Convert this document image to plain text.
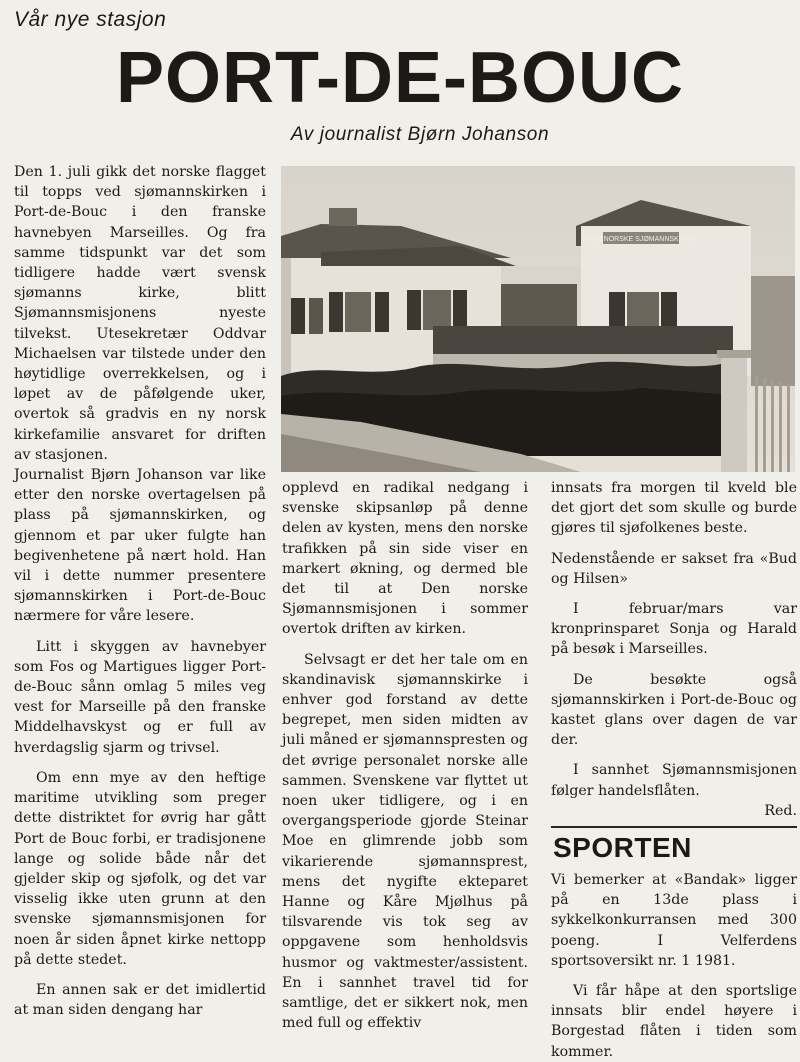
Vår nye stasjon
PORT-DE-BOUC
Av journalist Bjørn Johanson

Den 1. juli gikk det norske flagget til topps ved sjømannskirken i Port-de-Bouc i den franske havnebyen Marseilles. Og fra samme tidspunkt var det som tidligere hadde vært svensk sjømanns kirke, blitt Sjømannsmisjonens nyeste tilvekst. Utesekretær Oddvar Michaelsen var tilstede under den høytidlige overrekkelsen, og i løpet av de påfølgende uker, overtok så gradvis en ny norsk kirkefamilie ansvaret for driften av stasjonen.

Journalist Bjørn Johanson var like etter den norske overtagelsen på plass på sjømannskirken, og gjennom et par uker fulgte han begivenhetene på nært hold. Han vil i dette nummer presentere sjømannskirken i Port-de-Bouc nærmere for våre lesere.

Litt i skyggen av havnebyer som Fos og Martigues ligger Port-de-Bouc sånn omlag 5 miles veg vest for Marseille på den franske Middelhavskyst og er full av hverdagslig sjarm og trivsel.

Om enn mye av den heftige maritime utvikling som preger dette distriktet for øvrig har gått Port de Bouc forbi, er tradisjonene lange og solide både når det gjelder skip og sjøfolk, og det var visselig ikke uten grunn at den svenske sjømannsmisjonen for noen år siden åpnet kirke nettopp på dette stedet.

En annen sak er det imidlertid at man siden dengang har

DEN NORSKE SJØMANNSKIRKE

opplevd en radikal nedgang i svenske skipsanløp på denne delen av kysten, mens den norske trafikken på sin side viser en markert økning, og dermed ble det til at Den norske Sjømannsmisjonen i sommer overtok driften av kirken.

Selvsagt er det her tale om en skandinavisk sjømannskirke i enhver god forstand av dette begrepet, men siden midten av juli måned er sjømannspresten og det øvrige personalet norske alle sammen. Svenskene var flyttet ut noen uker tidligere, og i en overgangsperiode gjorde Steinar Moe en glimrende jobb som vikarierende sjømannsprest, mens det nygifte ekteparet Hanne og Kåre Mjølhus på tilsvarende vis tok seg av oppgavene som henholdsvis husmor og vaktmester/assistent. En i sannhet travel tid for samtlige, det er sikkert nok, men med full og effektiv

innsats fra morgen til kveld ble det gjort det som skulle og burde gjøres til sjøfolkenes beste.

Nedenstående er sakset fra «Bud og Hilsen»

I februar/mars var kronprinsparet Sonja og Harald på besøk i Marseilles.

De besøkte også sjømannskirken i Port-de-Bouc og kastet glans over dagen de var der.

I sannhet Sjømannsmisjonen følger handelsflåten.

Red.

SPORTEN

Vi bemerker at «Bandak» ligger på en 13de plass i sykkelkonkurransen med 300 poeng. I Velferdens sportsoversikt nr. 1 1981.

Vi får håpe at den sportslige innsats blir endel høyere i Borgestad flåten i tiden som kommer.
